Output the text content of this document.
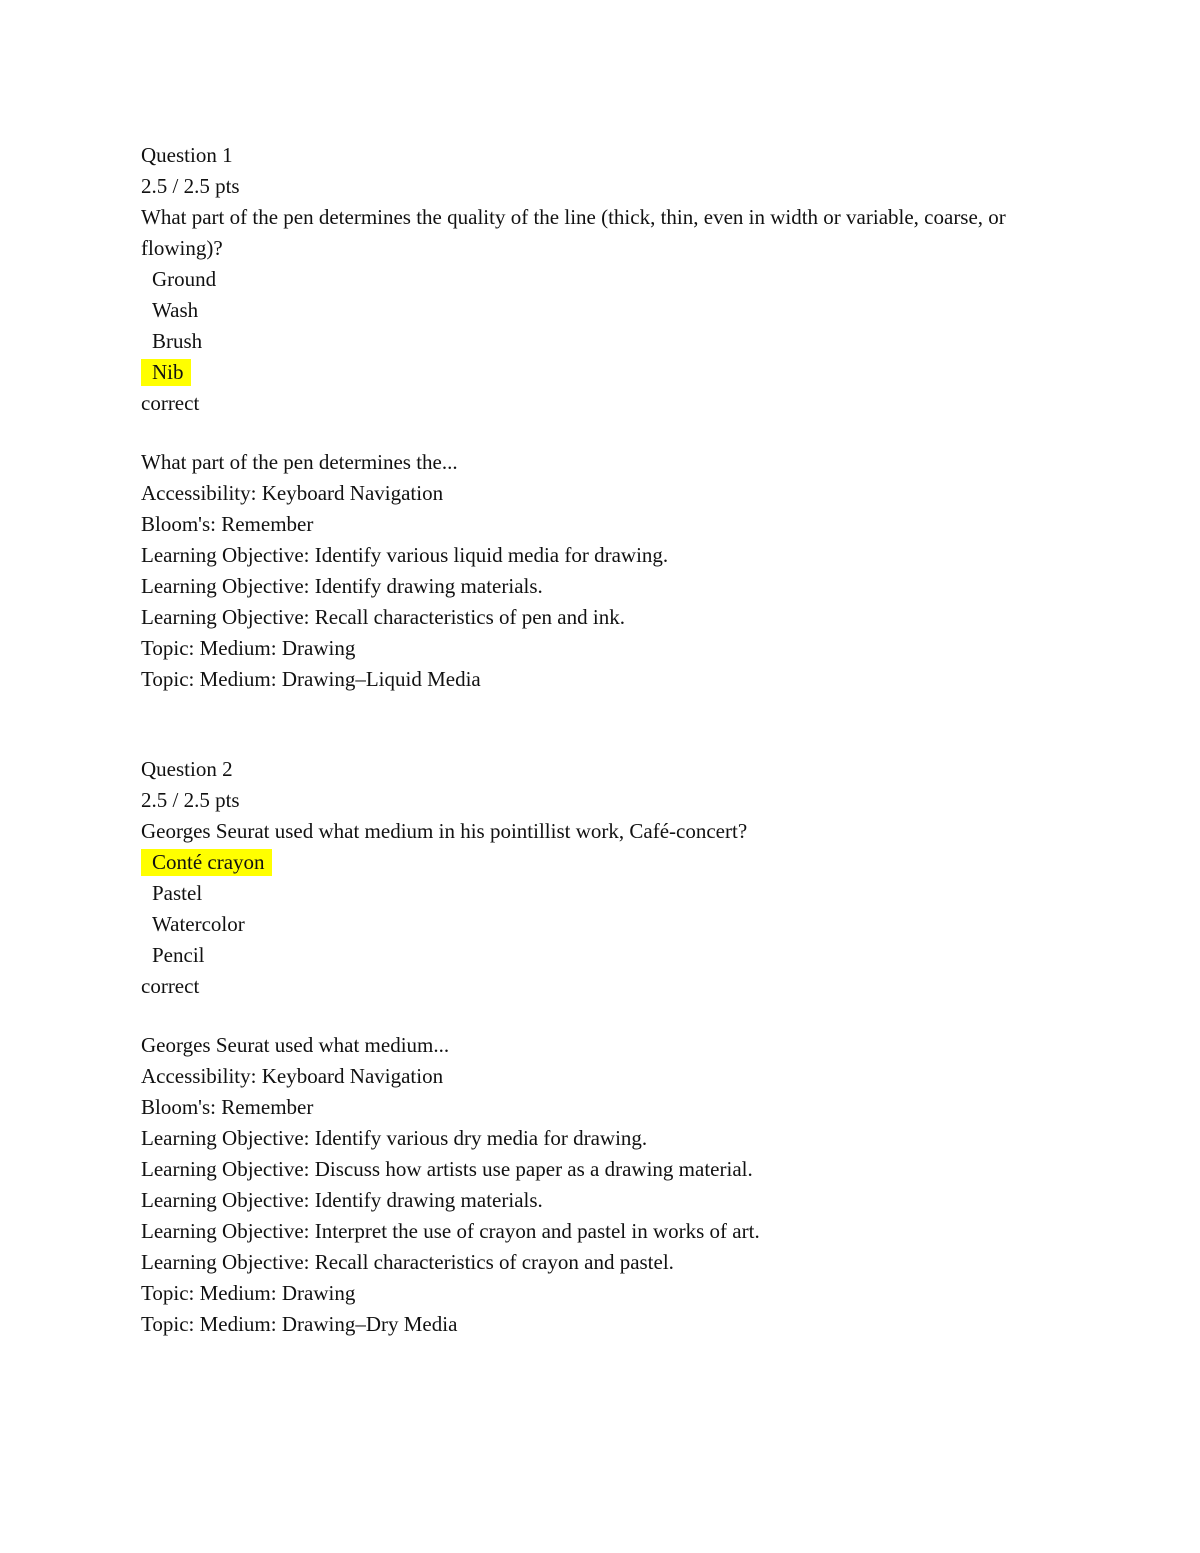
Question 1
2.5 / 2.5 pts
What part of the pen determines the quality of the line (thick, thin, even in width or variable, coarse, or flowing)?
Ground
Wash
Brush
Nib
correct
What part of the pen determines the...
Accessibility: Keyboard Navigation
Bloom's: Remember
Learning Objective: Identify various liquid media for drawing.
Learning Objective: Identify drawing materials.
Learning Objective: Recall characteristics of pen and ink.
Topic: Medium: Drawing
Topic: Medium: Drawing–Liquid Media
Question 2
2.5 / 2.5 pts
Georges Seurat used what medium in his pointillist work, Café-concert?
Conté crayon
Pastel
Watercolor
Pencil
correct
Georges Seurat used what medium...
Accessibility: Keyboard Navigation
Bloom's: Remember
Learning Objective: Identify various dry media for drawing.
Learning Objective: Discuss how artists use paper as a drawing material.
Learning Objective: Identify drawing materials.
Learning Objective: Interpret the use of crayon and pastel in works of art.
Learning Objective: Recall characteristics of crayon and pastel.
Topic: Medium: Drawing
Topic: Medium: Drawing–Dry Media
